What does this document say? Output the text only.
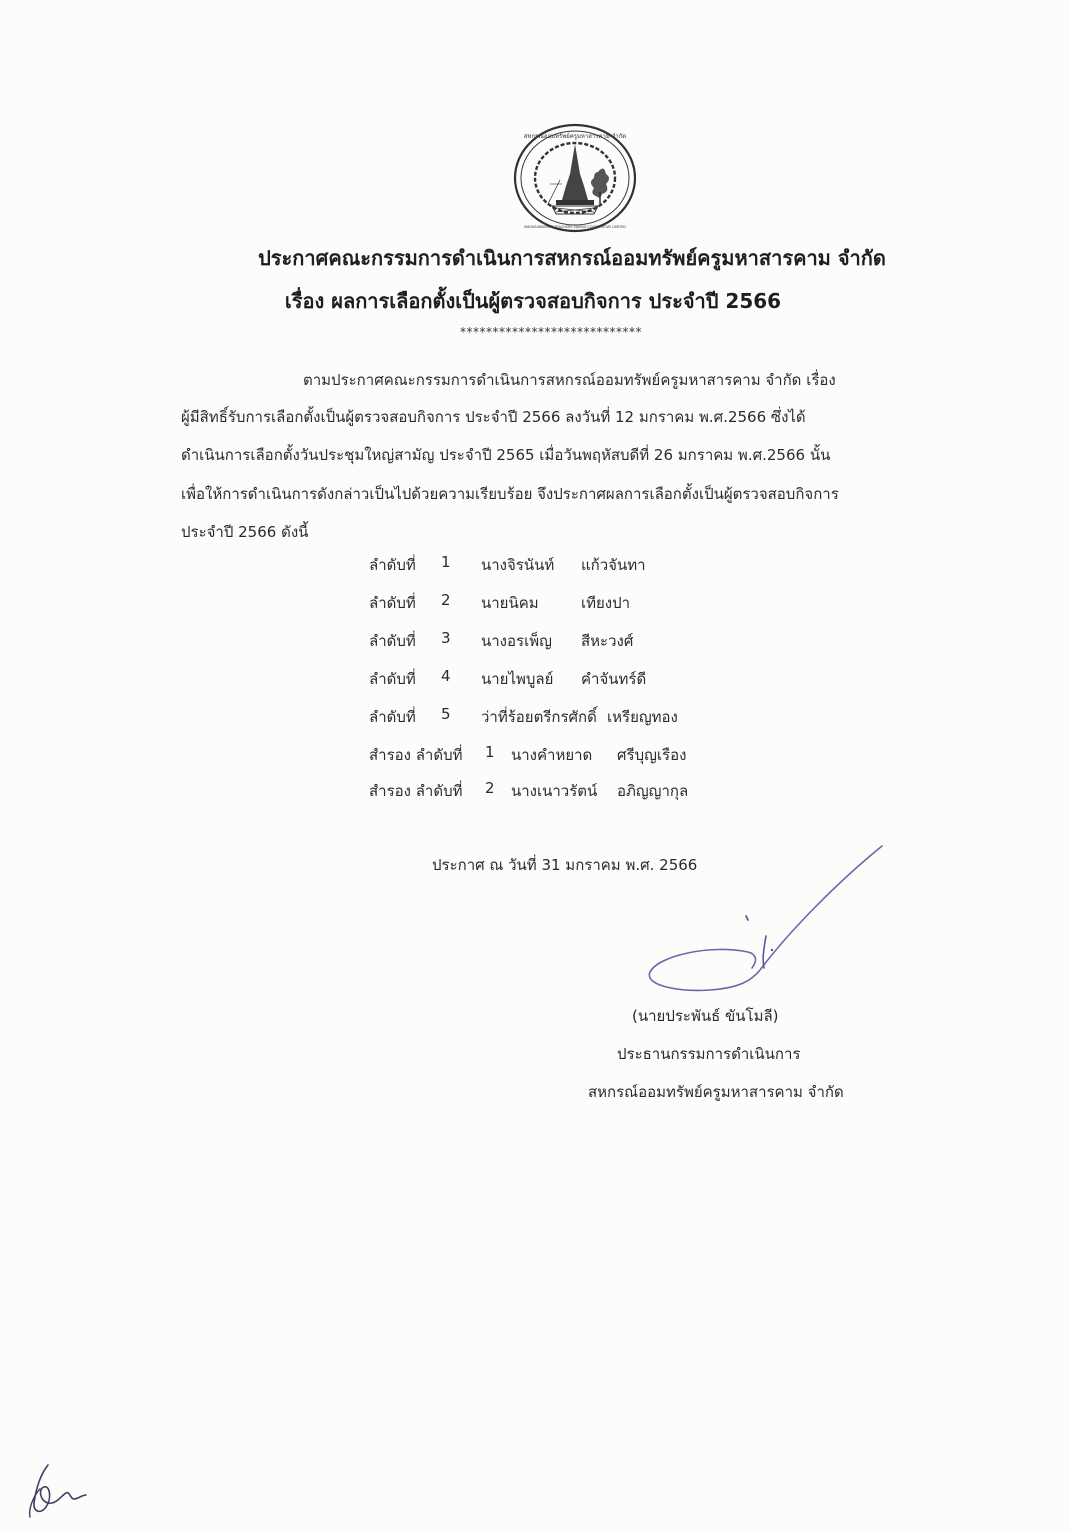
สหกรณ์ออมทรัพย์ครูมหาสารคาม จำกัด
MAHASARAKHAM TEACHERS SAVING COOPERATIVE LIMITED
ประกาศคณะกรรมการดำเนินการสหกรณ์ออมทรัพย์ครูมหาสารคาม จำกัด
เรื่อง ผลการเลือกตั้งเป็นผู้ตรวจสอบกิจการ ประจำปี 2566
****************************
ตามประกาศคณะกรรมการดำเนินการสหกรณ์ออมทรัพย์ครูมหาสารคาม จำกัด เรื่อง
ผู้มีสิทธิ์รับการเลือกตั้งเป็นผู้ตรวจสอบกิจการ ประจำปี 2566 ลงวันที่ 12 มกราคม พ.ศ.2566 ซึ่งได้
ดำเนินการเลือกตั้งวันประชุมใหญ่สามัญ ประจำปี 2565 เมื่อวันพฤหัสบดีที่ 26 มกราคม พ.ศ.2566 นั้น
เพื่อให้การดำเนินการดังกล่าวเป็นไปด้วยความเรียบร้อย จึงประกาศผลการเลือกตั้งเป็นผู้ตรวจสอบกิจการ
ประจำปี 2566 ดังนี้
ลำดับที่ 1 นางจิรนันท์ แก้วจันทา
ลำดับที่ 2 นายนิคม	เทียงปา
ลำดับที่ 3 นางอรเพ็ญ สีหะวงศ์
ลำดับที่ 4 นายไพบูลย์ คำจันทร์ดี
ลำดับที่ 5 ว่าที่ร้อยตรีกรศักดิ์ เหรียญทอง
สำรอง ลำดับที่ 1 นางคำหยาด ศรีบุญเรือง
สำรอง ลำดับที่ 2 นางเนาวรัตน์ อภิญญากุล
ประกาศ ณ วันที่ 31 มกราคม พ.ศ. 2566
(นายประพันธ์ ขันโมลี)
ประธานกรรมการดำเนินการ
สหกรณ์ออมทรัพย์ครูมหาสารคาม จำกัด
